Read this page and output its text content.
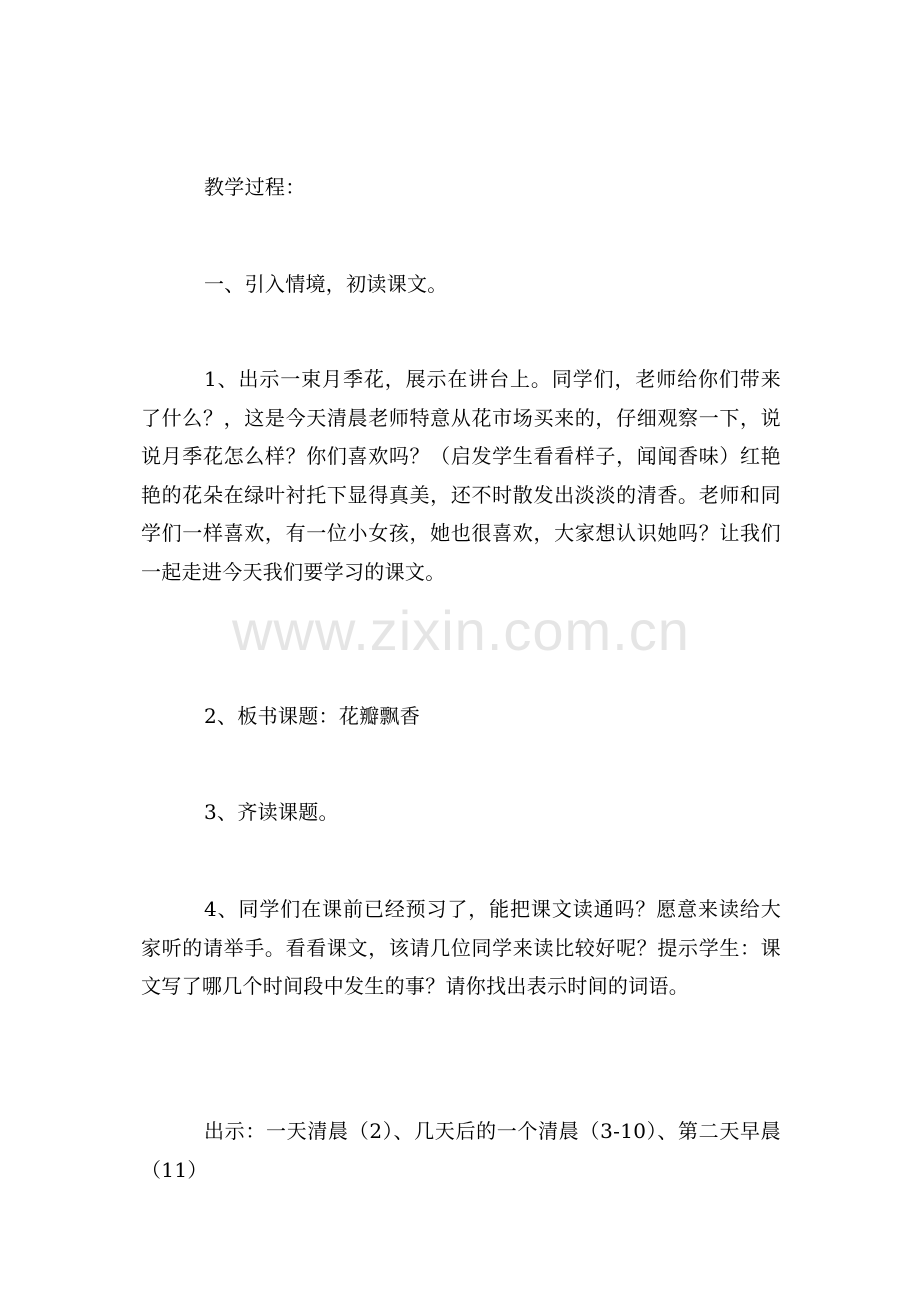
教学过程：

一、引入情境，初读课文。

1、出示一束月季花，展示在讲台上。同学们，老师给你们带来了什么？，这是今天清晨老师特意从花市场买来的，仔细观察一下，说说月季花怎么样？你们喜欢吗？（启发学生看看样子，闻闻香味）红艳艳的花朵在绿叶衬托下显得真美，还不时散发出淡淡的清香。老师和同学们一样喜欢，有一位小女孩，她也很喜欢，大家想认识她吗？让我们一起走进今天我们要学习的课文。

2、板书课题：花瓣飘香

3、齐读课题。

4、同学们在课前已经预习了，能把课文读通吗？愿意来读给大家听的请举手。看看课文，该请几位同学来读比较好呢？提示学生：课文写了哪几个时间段中发生的事？请你找出表示时间的词语。

出示：一天清晨（2）、几天后的一个清晨（3-10）、第二天早晨（11）

www.zixin.com.cn
